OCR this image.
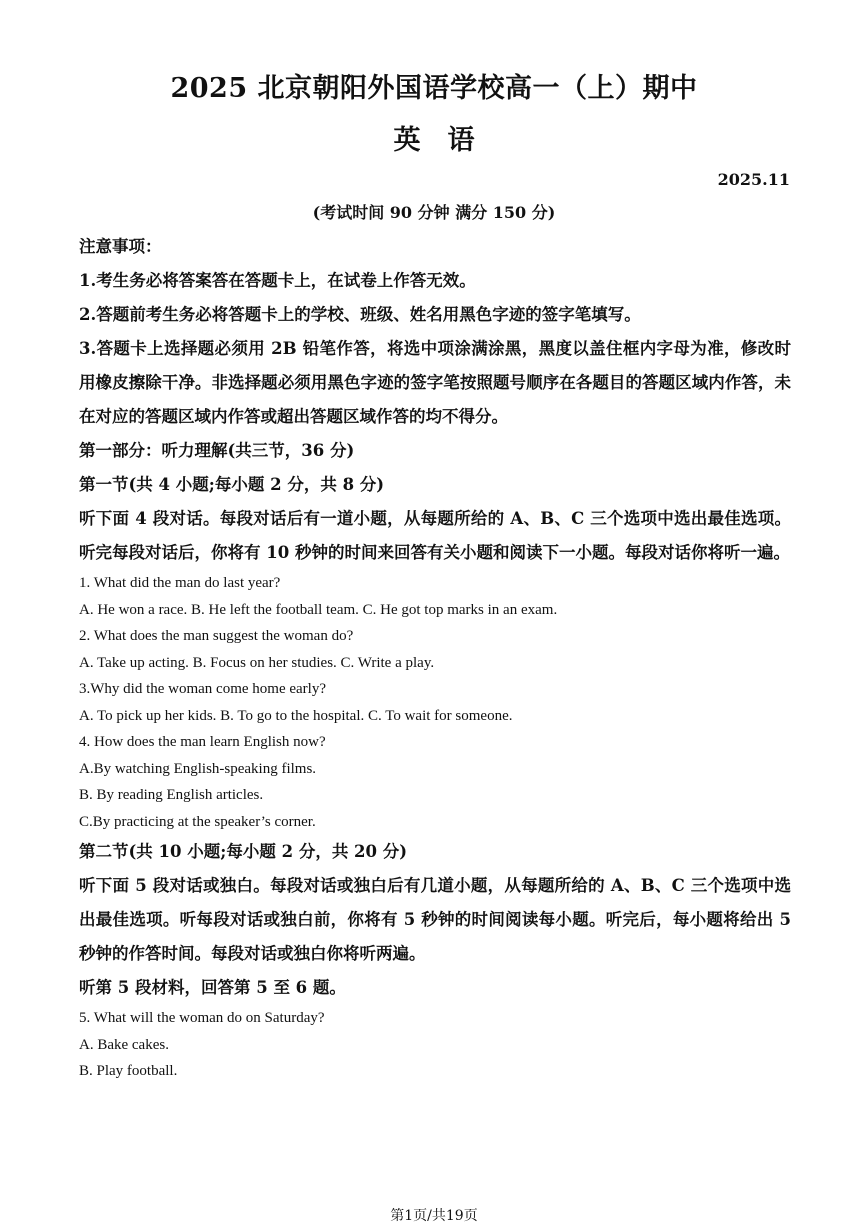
2025 北京朝阳外国语学校高一（上）期中
英　语
2025.11
(考试时间 90 分钟 满分 150 分)

注意事项：

1.考生务必将答案答在答题卡上，在试卷上作答无效。

2.答题前考生务必将答题卡上的学校、班级、姓名用黑色字迹的签字笔填写。

3.答题卡上选择题必须用 2B 铅笔作答，将选中项涂满涂黑，黑度以盖住框内字母为准，修改时用橡皮擦除干净。非选择题必须用黑色字迹的签字笔按照题号顺序在各题目的答题区域内作答，未在对应的答题区域内作答或超出答题区域作答的均不得分。

第一部分：听力理解(共三节，36 分)

第一节(共 4 小题;每小题 2 分，共 8 分)

听下面 4 段对话。每段对话后有一道小题，从每题所给的 A、B、C 三个选项中选出最佳选项。听完每段对话后，你将有 10 秒钟的时间来回答有关小题和阅读下一小题。每段对话你将听一遍。

1. What did the man do last year?

A. He won a race. B. He left the football team. C. He got top marks in an exam.

2. What does the man suggest the woman do?

A. Take up acting. B. Focus on her studies. C. Write a play.

3.Why did the woman come home early?

A. To pick up her kids. B. To go to the hospital. C. To wait for someone.

4. How does the man learn English now?

A.By watching English-speaking films.

B. By reading English articles.

C.By practicing at the speaker’s corner.

第二节(共 10 小题;每小题 2 分，共 20 分)

听下面 5 段对话或独白。每段对话或独白后有几道小题，从每题所给的 A、B、C 三个选项中选出最佳选项。听每段对话或独白前，你将有 5 秒钟的时间阅读每小题。听完后，每小题将给出 5 秒钟的作答时间。每段对话或独白你将听两遍。

听第 5 段材料，回答第 5 至 6 题。

5. What will the woman do on Saturday?

A. Bake cakes.

B. Play football.

第1页/共19页
